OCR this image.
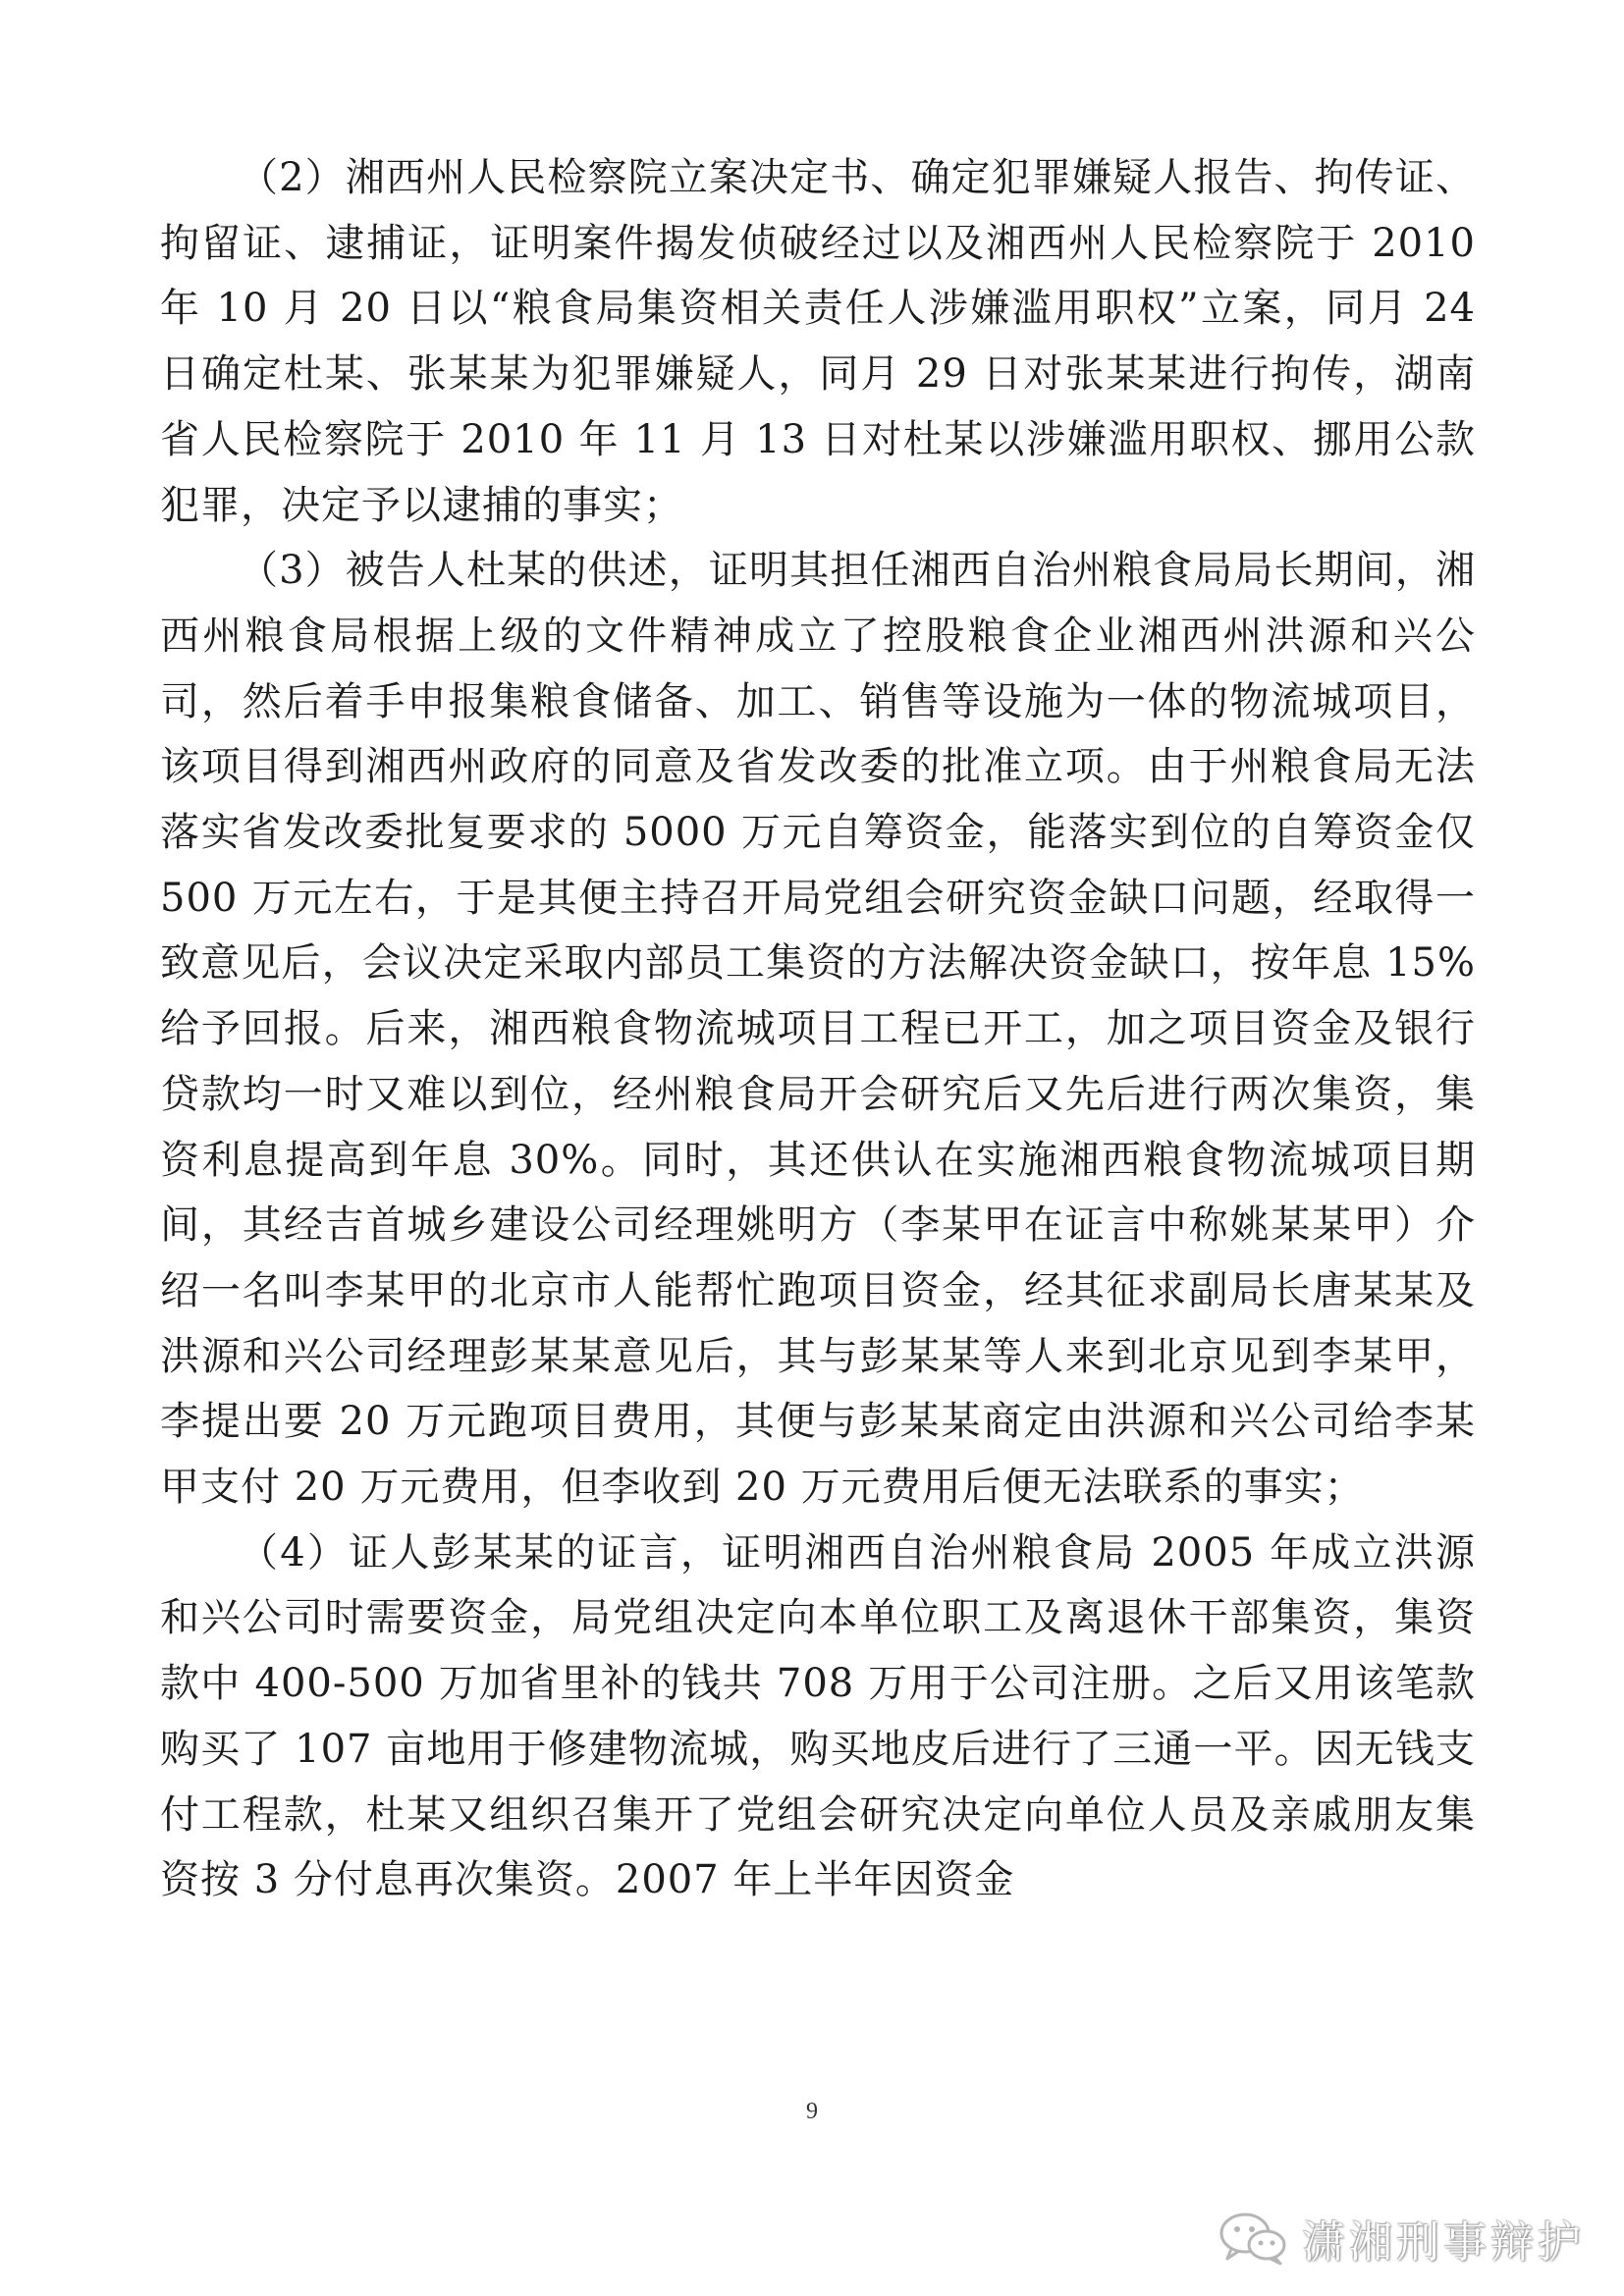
（2）湘西州人民检察院立案决定书、确定犯罪嫌疑人报告、拘传证、拘留证、逮捕证，证明案件揭发侦破经过以及湘西州人民检察院于 2010 年 10 月 20 日以“粮食局集资相关责任人涉嫌滥用职权”立案，同月 24 日确定杜某、张某某为犯罪嫌疑人，同月 29 日对张某某进行拘传，湖南省人民检察院于 2010 年 11 月 13 日对杜某以涉嫌滥用职权、挪用公款犯罪，决定予以逮捕的事实；

（3）被告人杜某的供述，证明其担任湘西自治州粮食局局长期间，湘西州粮食局根据上级的文件精神成立了控股粮食企业湘西州洪源和兴公司，然后着手申报集粮食储备、加工、销售等设施为一体的物流城项目，该项目得到湘西州政府的同意及省发改委的批准立项。由于州粮食局无法落实省发改委批复要求的 5000 万元自筹资金，能落实到位的自筹资金仅 500 万元左右，于是其便主持召开局党组会研究资金缺口问题，经取得一致意见后，会议决定采取内部员工集资的方法解决资金缺口，按年息 15%给予回报。后来，湘西粮食物流城项目工程已开工，加之项目资金及银行贷款均一时又难以到位，经州粮食局开会研究后又先后进行两次集资，集资利息提高到年息 30%。同时，其还供认在实施湘西粮食物流城项目期间，其经吉首城乡建设公司经理姚明方（李某甲在证言中称姚某某甲）介绍一名叫李某甲的北京市人能帮忙跑项目资金，经其征求副局长唐某某及洪源和兴公司经理彭某某意见后，其与彭某某等人来到北京见到李某甲，李提出要 20 万元跑项目费用，其便与彭某某商定由洪源和兴公司给李某甲支付 20 万元费用，但李收到 20 万元费用后便无法联系的事实；

（4）证人彭某某的证言，证明湘西自治州粮食局 2005 年成立洪源和兴公司时需要资金，局党组决定向本单位职工及离退休干部集资，集资款中 400-500 万加省里补的钱共 708 万用于公司注册。之后又用该笔款购买了 107 亩地用于修建物流城，购买地皮后进行了三通一平。因无钱支付工程款，杜某又组织召集开了党组会研究决定向单位人员及亲戚朋友集资按 3 分付息再次集资。2007 年上半年因资金

9
潇湘刑事辩护
